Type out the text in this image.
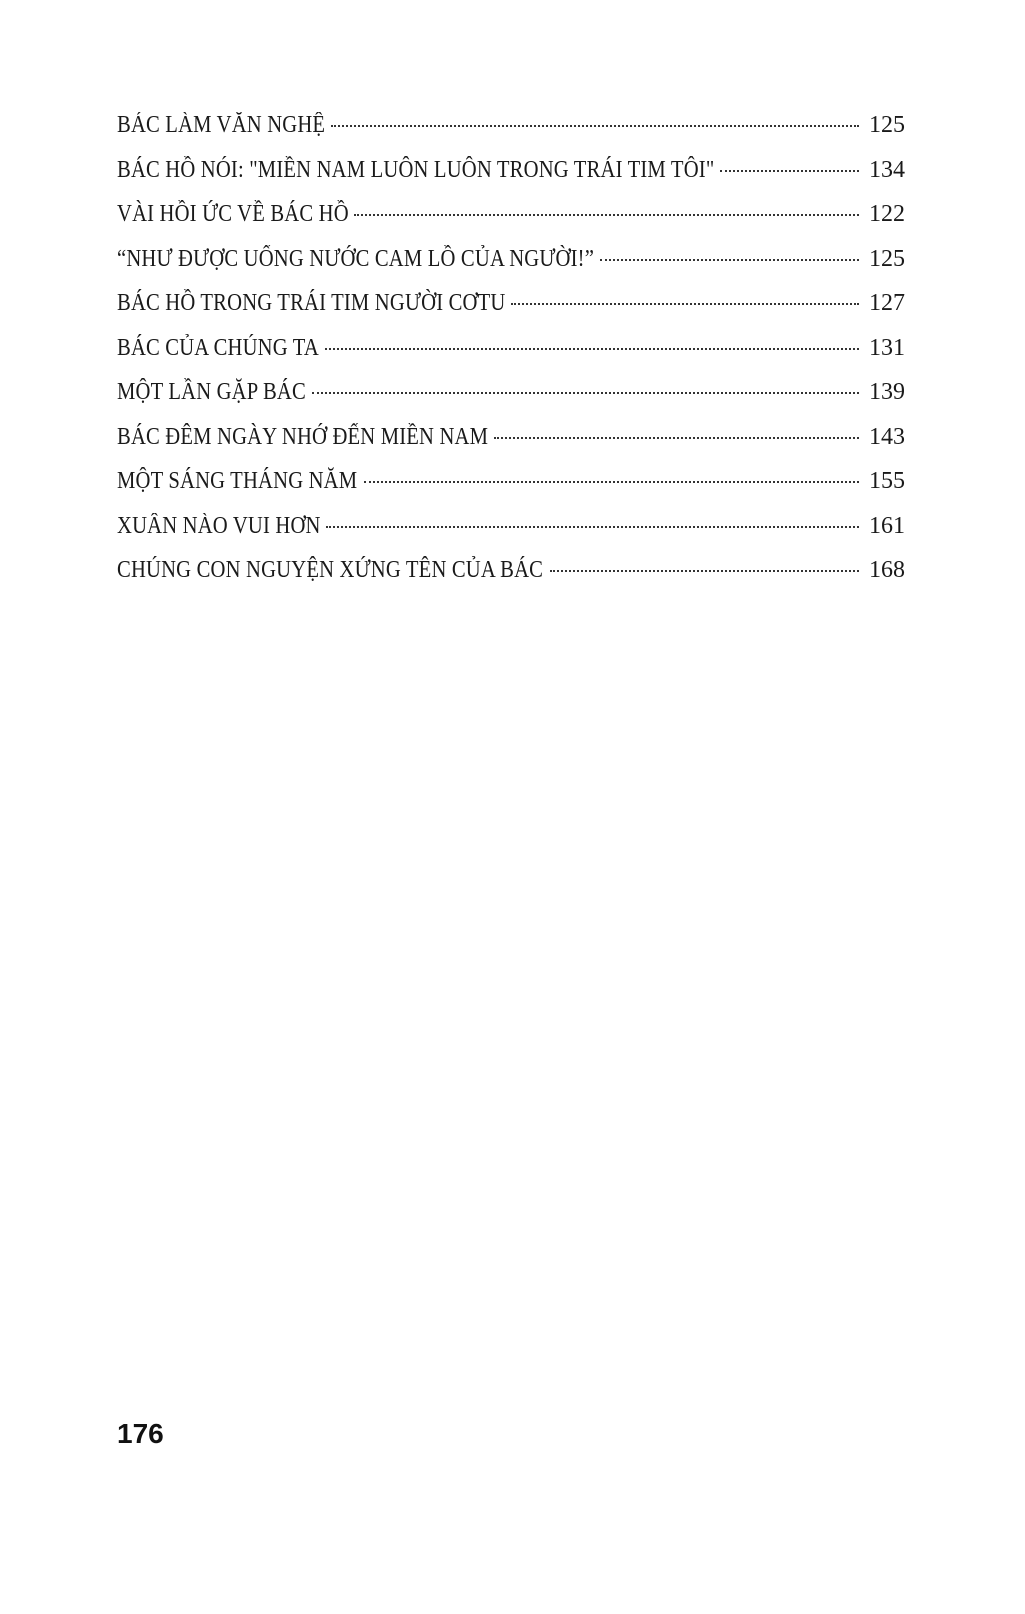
BÁC LÀM VĂN NGHỆ	125
BÁC HỒ NÓI: "MIỀN NAM LUÔN LUÔN TRONG TRÁI TIM TÔI"	134
VÀI HỒI ỨC VỀ BÁC HỒ	122
“NHƯ ĐƯỢC UỐNG NƯỚC CAM LỒ CỦA NGƯỜI!”	125
BÁC HỒ TRONG TRÁI TIM NGƯỜI CƠTU	127
BÁC CỦA CHÚNG TA	131
MỘT LẦN GẶP BÁC	139
BÁC ĐÊM NGÀY NHỚ ĐẾN MIỀN NAM	143
MỘT SÁNG THÁNG NĂM	155
XUÂN NÀO VUI HƠN	161
CHÚNG CON NGUYỆN XỨNG TÊN CỦA BÁC	168
176
